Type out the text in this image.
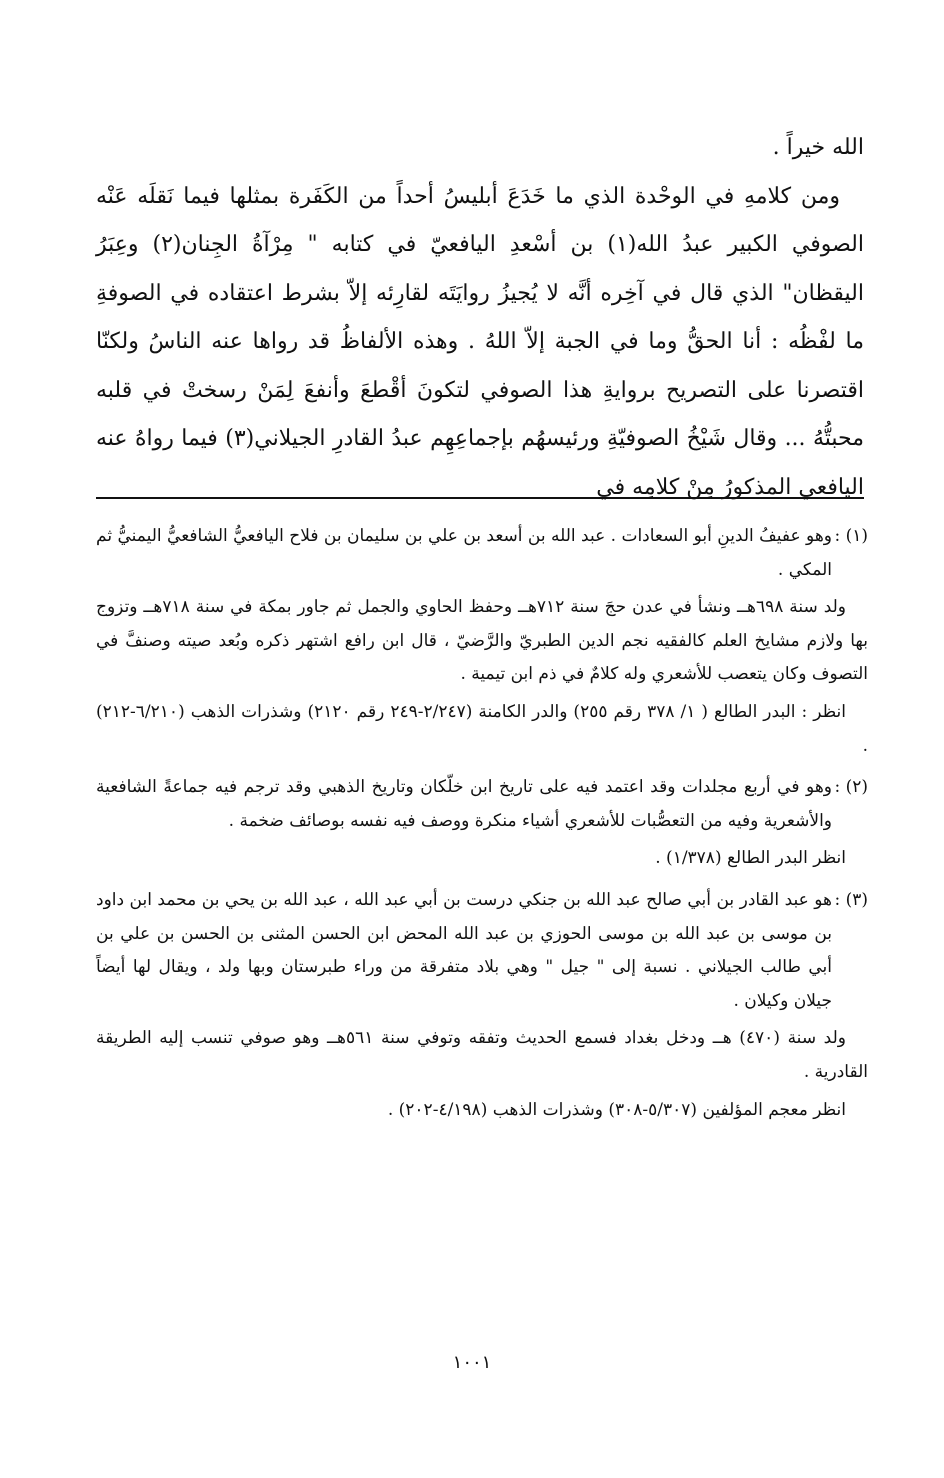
الله خيراً .

ومن كلامهِ في الوحْدة الذي ما خَدَعَ أبليسُ أحداً من الكَفَرة بمثلها فيما نَقلَه عَنْه الصوفي الكبير عبدُ الله(١) بن أسْعدِ اليافعيّ في كتابه " مِرْآةُ الجِنان(٢) وعِبَرُ اليقظان" الذي قال في آخِره أنَّه لا يُجيزُ روايَتَه لقارِئه إلاّ بشرط اعتقاده في الصوفةِ ما لفْظُه : أنا الحقُّ وما في الجبة إلاّ اللهُ . وهذه الألفاظُ قد رواها عنه الناسُ ولكنّا اقتصرنا على التصريح بروايةِ هذا الصوفي لتكونَ أقْطعَ وأنفعَ لِمَنْ رسختْ في قلبه محبتُّهُ ... وقال شَيْخُ الصوفيّةِ ورئيسهُم بإجماعِهِم عبدُ القادرِ الجيلاني(٣) فيما رواهُ عنه اليافعي المذكورُ مِنْ كلامِه في

(١) :

وهو عفيفُ الدينِ أبو السعادات . عبد الله بن أسعد بن علي بن سليمان بن فلاح اليافعيُّ الشافعيُّ اليمنيُّ ثم المكي .

ولد سنة ٦٩٨هــ ونشأ في عدن حجَ سنة ٧١٢هــ وحفظ الحاوي والجمل ثم جاور بمكة في سنة ٧١٨هــ وتزوج بها ولازم مشايخ العلم كالفقيه نجم الدين الطبريّ والرَّضيّ ، قال ابن رافع اشتهر ذكره وبُعد صيته وصنفَّ في التصوف وكان يتعصب للأشعري وله كلامٌ في ذم ابن تيمية .

انظر : البدر الطالع ( ١/ ٣٧٨ رقم ٢٥٥) والدر الكامنة (٢/٢٤٧-٢٤٩ رقم ٢١٢٠) وشذرات الذهب (٦/٢١٠-٢١٢) .

(٢) :

وهو في أربع مجلدات وقد اعتمد فيه على تاريخ ابن خلّكان وتاريخ الذهبي وقد ترجم فيه جماعةً الشافعية والأشعرية وفيه من التعصُّبات للأشعري أشياء منكرة ووصف فيه نفسه بوصائف ضخمة .

انظر البدر الطالع (١/٣٧٨) .

(٣) :

هو عبد القادر بن أبي صالح عبد الله بن جنكي درست بن أبي عبد الله ، عبد الله بن يحي بن محمد ابن داود بن موسى بن عبد الله بن موسى الحوزي بن عبد الله المحض ابن الحسن المثنى بن الحسن بن علي بن أبي طالب الجيلاني . نسبة إلى " جيل " وهي بلاد متفرقة من وراء طبرستان وبها ولد ، ويقال لها أيضاً جيلان وكيلان .

ولد سنة (٤٧٠) هــ ودخل بغداد فسمع الحديث وتفقه وتوفي سنة ٥٦١هــ وهو صوفي تنسب إليه الطريقة القادرية .

انظر معجم المؤلفين (٥/٣٠٧-٣٠٨) وشذرات الذهب (٤/١٩٨-٢٠٢) .

١٠٠١
